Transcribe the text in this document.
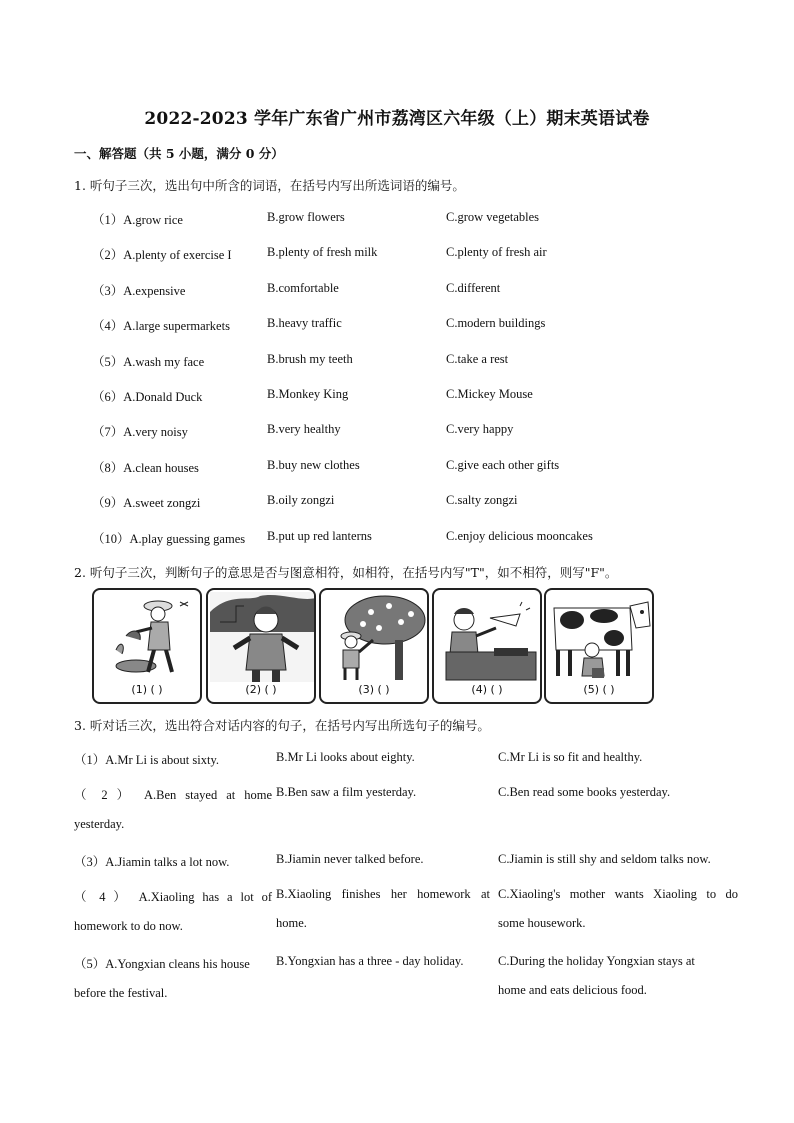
2022-2023 学年广东省广州市荔湾区六年级（上）期末英语试卷
一、解答题（共 5 小题，满分 0 分）
1. 听句子三次，选出句中所含的词语，在括号内写出所选词语的编号。
（1）A.grow rice	B.grow flowers	C.grow vegetables
（2）A.plenty of exercise I	B.plenty of fresh milk	C.plenty of fresh air
（3）A.expensive	B.comfortable	C.different
（4）A.large supermarkets	B.heavy traffic	C.modern buildings
（5）A.wash my face	B.brush my teeth	C.take a rest
（6）A.Donald Duck	B.Monkey King	C.Mickey Mouse
（7）A.very noisy	B.very healthy	C.very happy
（8）A.clean houses	B.buy new clothes	C.give each other gifts
（9）A.sweet zongzi	B.oily zongzi	C.salty zongzi
（10）A.play guessing games B.put up red lanterns	C.enjoy delicious mooncakes
2. 听句子三次，判断句子的意思是否与图意相符，如相符，在括号内写"T"，如不相符，则写"F"。
(1) ( )	(2) ( )	(3) ( )	(4) ( )	(5) ( )
3. 听对话三次，选出符合对话内容的句子，在括号内写出所选句子的编号。
（1）A.Mr Li is about sixty.	B.Mr Li looks about eighty.	C.Mr Li is so fit and healthy.
（ 2 ） A.Ben stayed at home
yesterday.
B.Ben saw a film yesterday.	C.Ben read some books yesterday.
（3）A.Jiamin talks a lot now.	B.Jiamin never talked before.	C.Jiamin is still shy and seldom talks now.
（ 4 ） A.Xiaoling has a lot of
homework to do now.
B.Xiaoling finishes her homework at
home.
C.Xiaoling's mother wants Xiaoling to do
some housework.
（5）A.Yongxian cleans his house
before the festival.
B.Yongxian has a three - day holiday.	C.During the holiday Yongxian stays at
home and eats delicious food.
